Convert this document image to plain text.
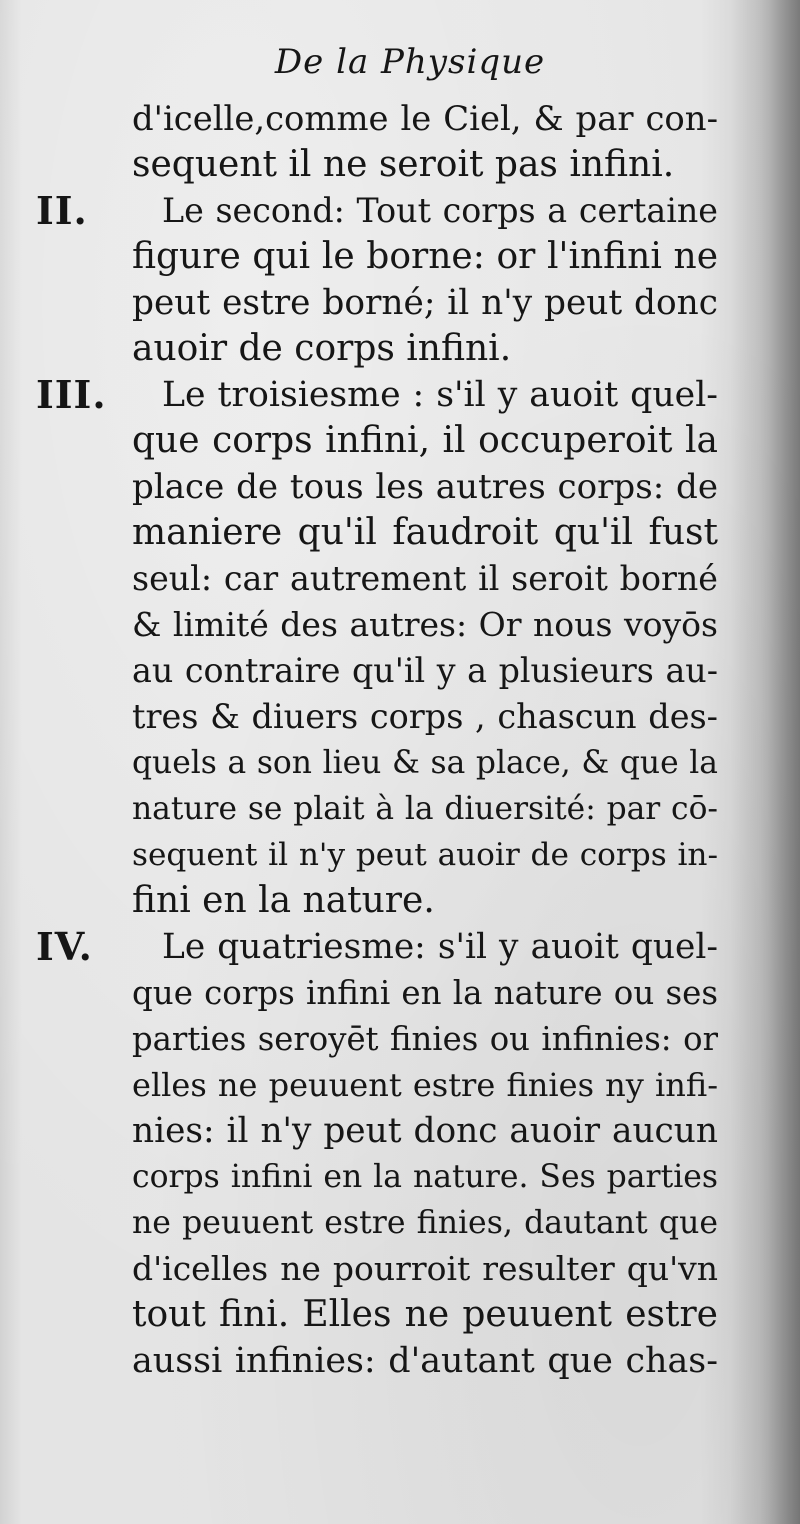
De la Physique
d'icelle,comme le Ciel, & par con-
sequent il ne seroit pas infini.
II.	Le second: Tout corps a certaine
figure qui le borne: or l'infini ne
peut estre borné; il n'y peut donc
auoir de corps infini.
III.	Le troisiesme : s'il y auoit quel-
que corps infini, il occuperoit la
place de tous les autres corps: de
maniere qu'il faudroit qu'il fust
seul: car autrement il seroit borné
& limité des autres: Or nous voyōs
au contraire qu'il y a plusieurs au-
tres & diuers corps , chascun des-
quels a son lieu & sa place, & que la
nature se plait à la diuersité: par cō-
sequent il n'y peut auoir de corps in-
fini en la nature.
IV.	Le quatriesme: s'il y auoit quel-
que corps infini en la nature ou ses
parties seroyēt finies ou infinies: or
elles ne peuuent estre finies ny infi-
nies: il n'y peut donc auoir aucun
corps infini en la nature. Ses parties
ne peuuent estre finies, dautant que
d'icelles ne pourroit resulter qu'vn
tout fini. Elles ne peuuent estre
aussi infinies: d'autant que chas-
